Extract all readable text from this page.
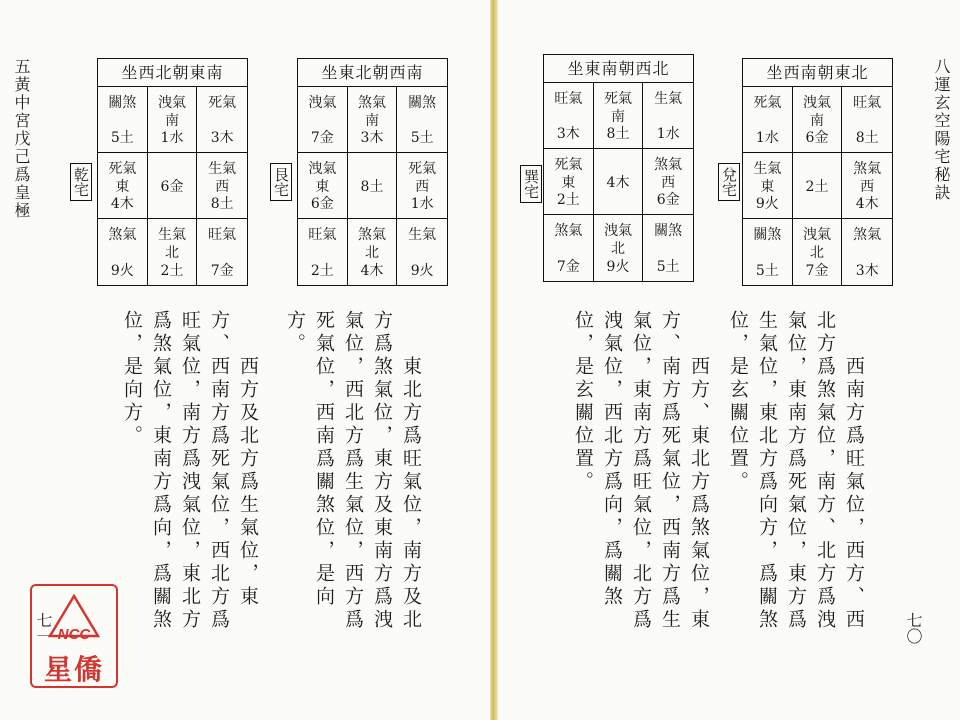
五黃中宮戊己爲皇極
七一
坐西北朝東南
關煞
5土
洩氣
南
1水
死氣
3木
死氣
東
4木
6金
生氣
西
8土
煞氣
9火
生氣
北
2土
旺氣
7金
乾宅
　　西方及北方爲生氣位，東方、西南方爲死氣位，西北方爲旺氣位，南方爲洩氣位，東北方爲煞氣位，東南方爲向，爲關煞位，是向方。
坐東北朝西南
洩氣
7金
煞氣
南
3木
關煞
5土
洩氣
東
6金
8土
死氣
西
1水
旺氣
2土
煞氣
北
4木
生氣
9火
艮宅
　　東北方爲旺氣位，南方及北方爲煞氣位，東方及東南方爲洩氣位，西北方爲生氣位，西方爲死氣位，西南爲關煞位，是向方。
NCC
星僑
八運玄空陽宅秘訣
七〇
坐東南朝西北
旺氣
3木
死氣
南
8土
生氣
1水
死氣
東
2土
4木
煞氣
西
6金
煞氣
7金
洩氣
北
9火
關煞
5土
巽宅
　　西方、東北方爲煞氣位，東方、南方爲死氣位，西南方爲生氣位，東南方爲旺氣位，北方爲洩氣位，西北方爲向，爲關煞位，是玄關位置。
坐西南朝東北
死氣
1水
洩氣
南
6金
旺氣
8土
生氣
東
9火
2土
煞氣
西
4木
關煞
5土
洩氣
北
7金
煞氣
3木
兌宅
　　西南方爲旺氣位，西方、西北方爲煞氣位，南方、北方爲洩氣位，東南方爲死氣位，東方爲生氣位，東北方爲向方，爲關煞位，是玄關位置。
